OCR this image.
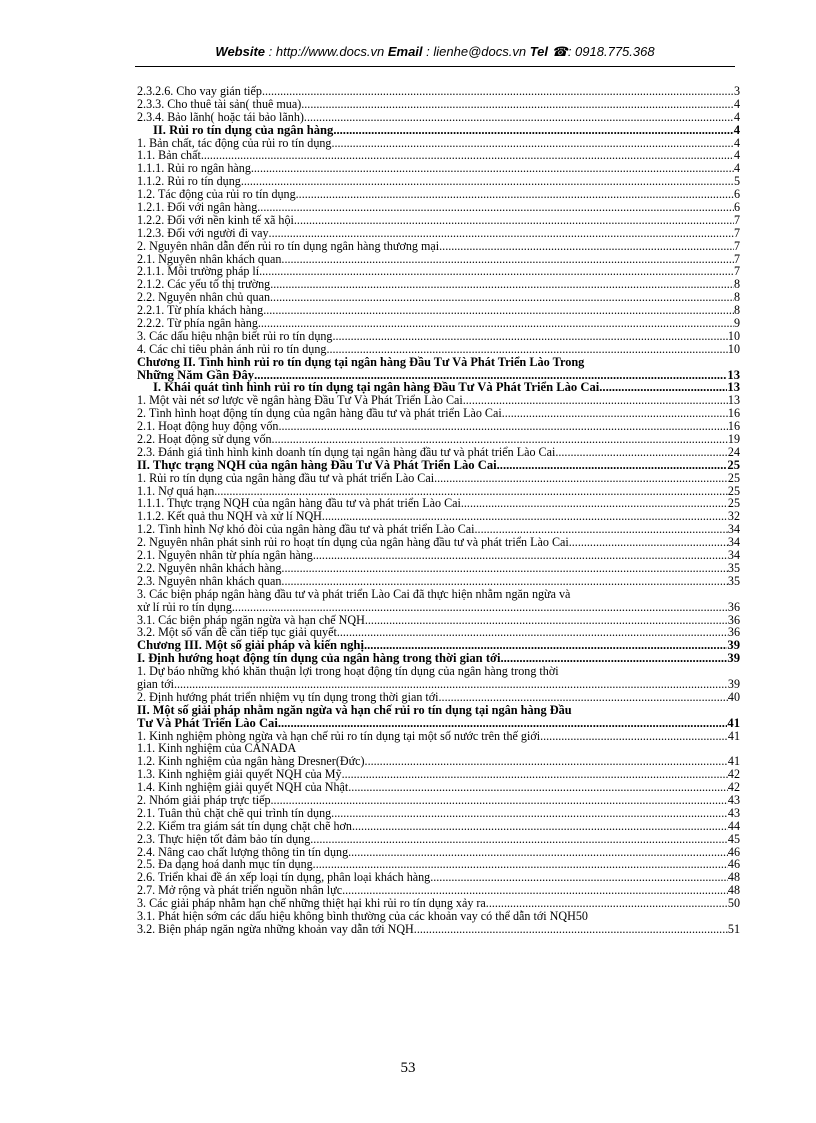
Website : http://www.docs.vn Email : lienhe@docs.vn Tel ☎: 0918.775.368
2.3.2.6. Cho vay gián tiếp .....	3
2.3.3. Cho thuê tài sản( thuê mua) .....	4
2.3.4. Bảo lãnh( hoặc tái bảo lãnh) .....	4
II. Rủi ro tín dụng của ngân hàng .....	4
1. Bản chất, tác động của rủi ro tín dụng .....	4
1.1. Bản chất .....	4
1.1.1. Rủi ro ngân hàng .....	4
1.1.2. Rủi ro tín dụng .....	5
1.2. Tác động của rủi ro tín dụng .....	6
1.2.1. Đối với ngân hàng .....	6
1.2.2. Đối với nền kinh tế xã hội .....	7
1.2.3. Đối với người đi vay .....	7
2. Nguyên nhân dẫn đến rủi ro tín dụng ngân hàng thương mại .....	7
2.1. Nguyên nhân khách quan .....	7
2.1.1. Môi trường pháp lí .....	7
2.1.2. Các yếu tố thị trường .....	8
2.2. Nguyên nhân chủ quan .....	8
2.2.1. Từ phía khách hàng .....	8
2.2.2. Từ phía ngân hàng .....	9
3. Các dấu hiệu nhận biết rủi ro tín dụng .....	10
4. Các chỉ tiêu phản ánh rủi ro tín dụng .....	10
Chương II. Tình hình rủi ro tín dụng tại ngân hàng Đầu Tư Và Phát Triển Lào Trong
Những Năm Gần Đây .....	13
I. Khái quát tình hình rủi ro tín dụng tại ngân hàng Đầu Tư Và Phát Triển Lào Cai .....	13
1. Một vài nét sơ lược về ngân hàng Đầu Tư Và Phát Triển Lào Cai .....	13
2. Tình hình hoạt động tín dụng của ngân hàng đầu tư và phát triển Lào Cai .....	16
2.1. Hoạt động huy động vốn .....	16
2.2. Hoạt động sử dụng vốn .....	19
2.3. Đánh giá tình hình kinh doanh tín dụng tại ngân hàng đầu tư và phát triển Lào Cai .....	24
II. Thực trạng NQH của ngân hàng Đầu Tư Và Phát Triển Lào Cai .....	25
1. Rủi ro tín dụng của ngân hàng đầu tư và phát triển Lào Cai .....	25
1.1. Nợ quá hạn .....	25
1.1.1. Thực trạng NQH của ngân hàng đầu tư và phát triển Lào Cai .....	25
1.1.2. Kết quả thu NQH và xử lí NQH .....	32
1.2. Tình hình Nợ khó đòi của ngân hàng đầu tư và phát triển Lào Cai .....	34
2. Nguyên nhân phát sinh rủi ro hoạt tín dụng của ngân hàng đầu tư và phát triển Lào Cai .....	34
2.1. Nguyên nhân từ phía ngân hàng .....	34
2.2. Nguyên nhân khách hàng .....	35
2.3. Nguyên nhân khách quan .....	35
3. Các biện pháp ngân hàng đầu tư và phát triển Lào Cai đã thực hiện nhằm ngăn ngừa và
xử lí rủi ro tín dụng .....	36
3.1. Các biện pháp ngăn ngừa và hạn chế NQH .....	36
3.2. Một số vấn đề cần tiếp tục giải quyết .....	36
Chương III. Một số giải pháp và kiến nghị .....	39
I. Định hướng hoạt động tín dụng của ngân hàng trong thời gian tới .....	39
1. Dự báo những khó khăn thuận lợi trong hoạt động tín dụng của ngân hàng trong thời
gian tới .....	39
2. Định hướng phát triển nhiệm vụ tín dụng trong thời gian tới .....	40
II. Một số giải pháp nhằm ngăn ngừa và hạn chế rủi ro tín dụng tại ngân hàng Đầu
Tư Và Phát Triển Lào Cai .....	41
1. Kinh nghiệm phòng ngừa và hạn chế rủi ro tín dụng tại một số nước trên thế giới .....	41
1.1. Kinh nghiệm của CANADA
1.2. Kinh nghiệm của ngân hàng Dresner(Đức) .....	41
1.3. Kinh nghiệm giải quyết NQH của Mỹ .....	42
1.4. Kinh nghiệm giải quyết NQH của Nhật .....	42
2. Nhóm giải pháp trực tiếp .....	43
2.1. Tuân thủ chặt chẽ qui trình tín dụng .....	43
2.2. Kiểm tra giám sát tín dụng chặt chẽ hơn .....	44
2.3. Thực hiện tốt đảm bảo tín dụng .....	45
2.4. Nâng cao chất lượng thông tin tín dụng .....	46
2.5. Đa dạng hoá danh mục tín dụng .....	46
2.6. Triển khai đề án xếp loại tín dụng, phân loại khách hàng .....	48
2.7. Mở rộng và phát triển nguồn nhân lực .....	48
3. Các giải pháp nhằm hạn chế những thiệt hại khi rủi ro tín dụng xảy ra .....	50
3.1. Phát hiện sớm các dấu hiệu không bình thường của các khoản vay có thể dẫn tới NQH 50
3.2. Biện pháp ngăn ngừa những khoản vay dẫn tới NQH .....	51
53
